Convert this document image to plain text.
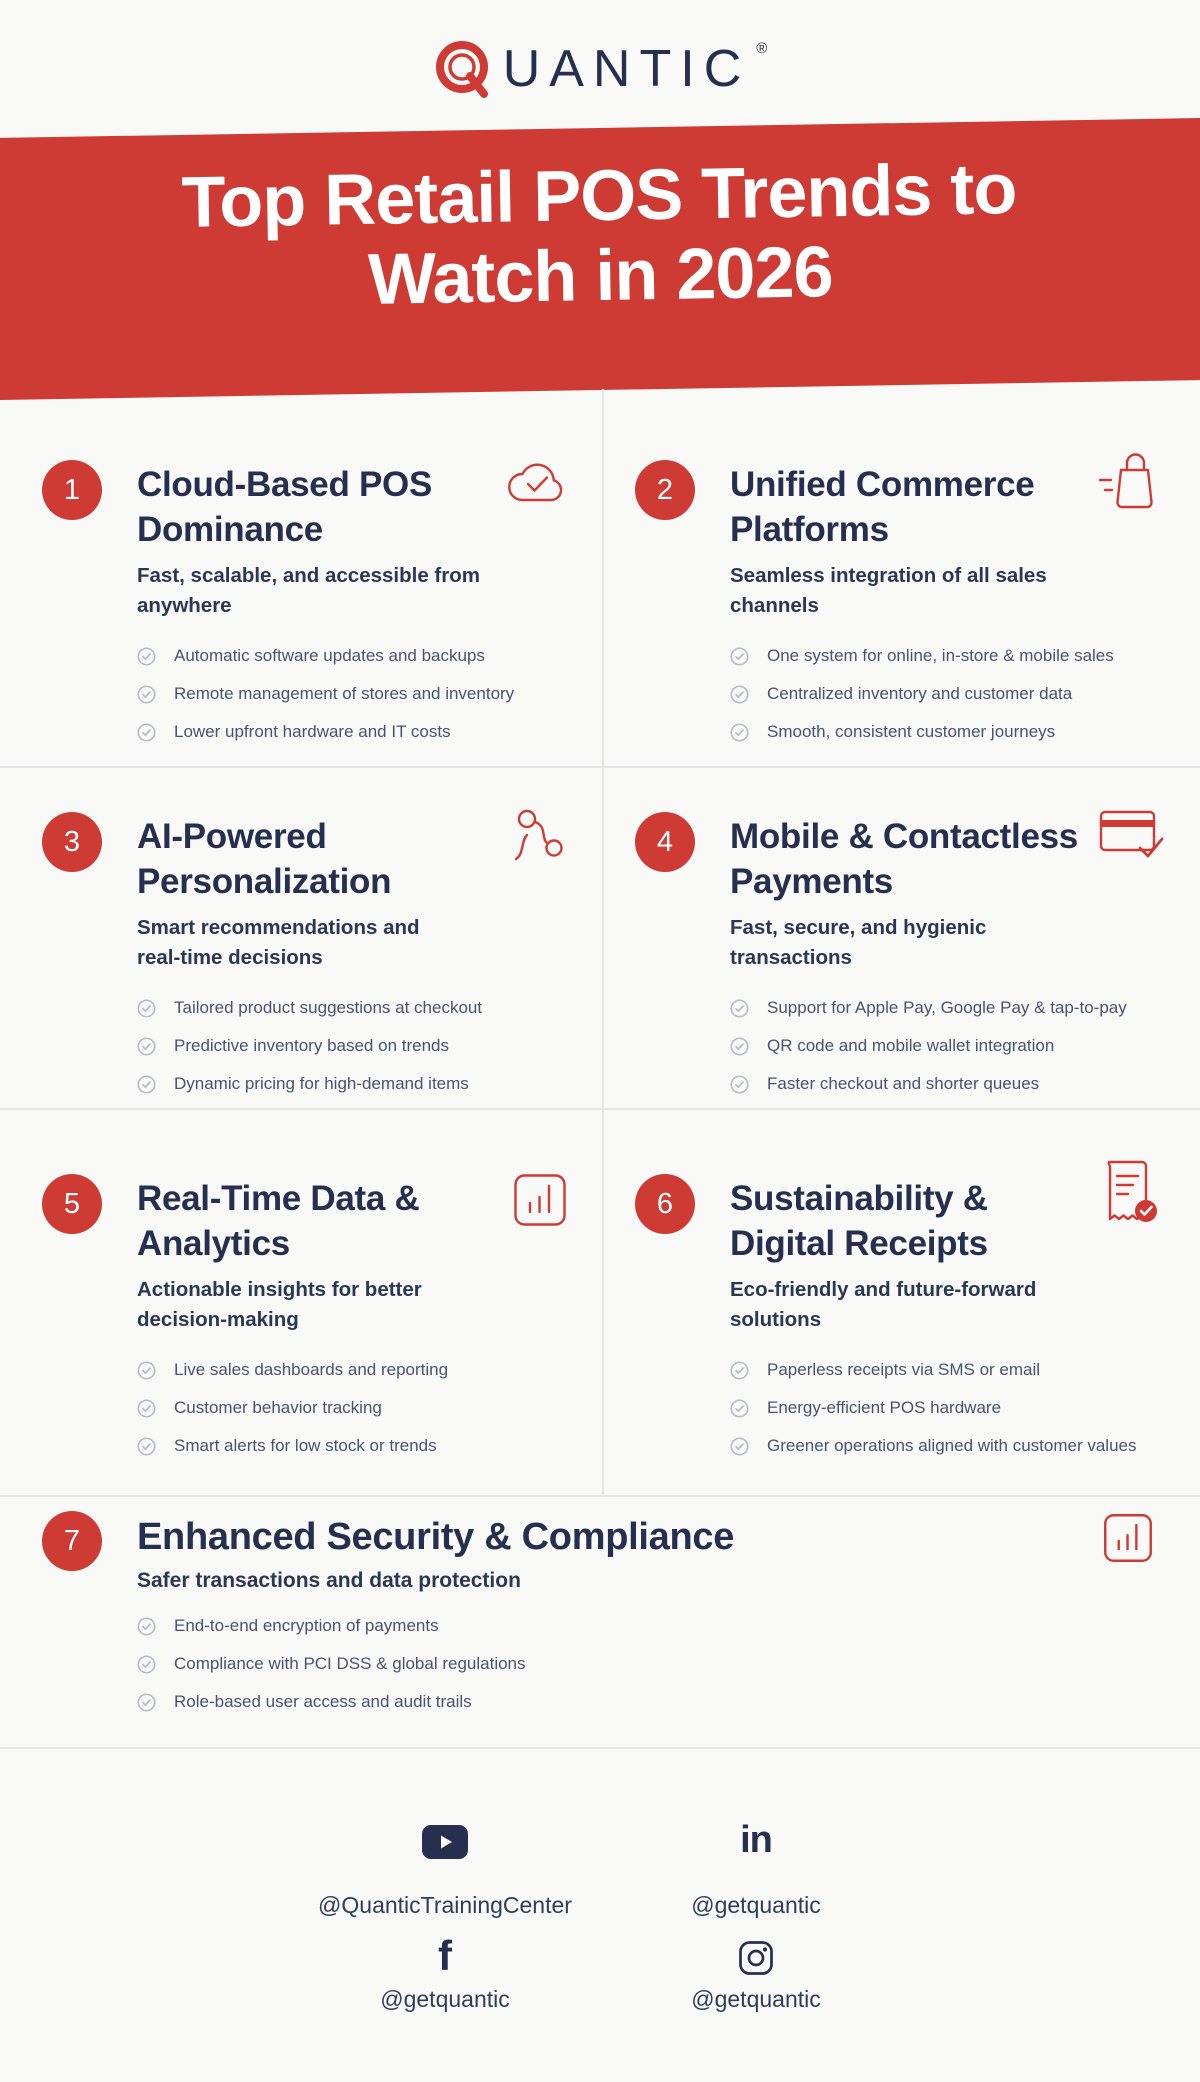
UANTIC ®
Top Retail POS Trends to
Watch in 2026
1	Cloud-Based POS
Dominance
Fast, scalable, and accessible from
anywhere
Automatic software updates and backups
Remote management of stores and inventory
Lower upfront hardware and IT costs
2	Unified Commerce
Platforms
Seamless integration of all sales
channels
One system for online, in-store & mobile sales
Centralized inventory and customer data
Smooth, consistent customer journeys
3	AI-Powered
Personalization
Smart recommendations and
real-time decisions
Tailored product suggestions at checkout
Predictive inventory based on trends
Dynamic pricing for high-demand items
4	Mobile & Contactless
Payments
Fast, secure, and hygienic
transactions
Support for Apple Pay, Google Pay & tap-to-pay
QR code and mobile wallet integration
Faster checkout and shorter queues
5	Real-Time Data &
Analytics
Actionable insights for better
decision-making
Live sales dashboards and reporting
Customer behavior tracking
Smart alerts for low stock or trends
6	Sustainability &
Digital Receipts
Eco-friendly and future-forward
solutions
Paperless receipts via SMS or email
Energy-efficient POS hardware
Greener operations aligned with customer values
7	Enhanced Security & Compliance
Safer transactions and data protection
End-to-end encryption of payments
Compliance with PCI DSS & global regulations
Role-based user access and audit trails
@QuanticTrainingCenter
in
@getquantic
f
@getquantic	@getquantic
